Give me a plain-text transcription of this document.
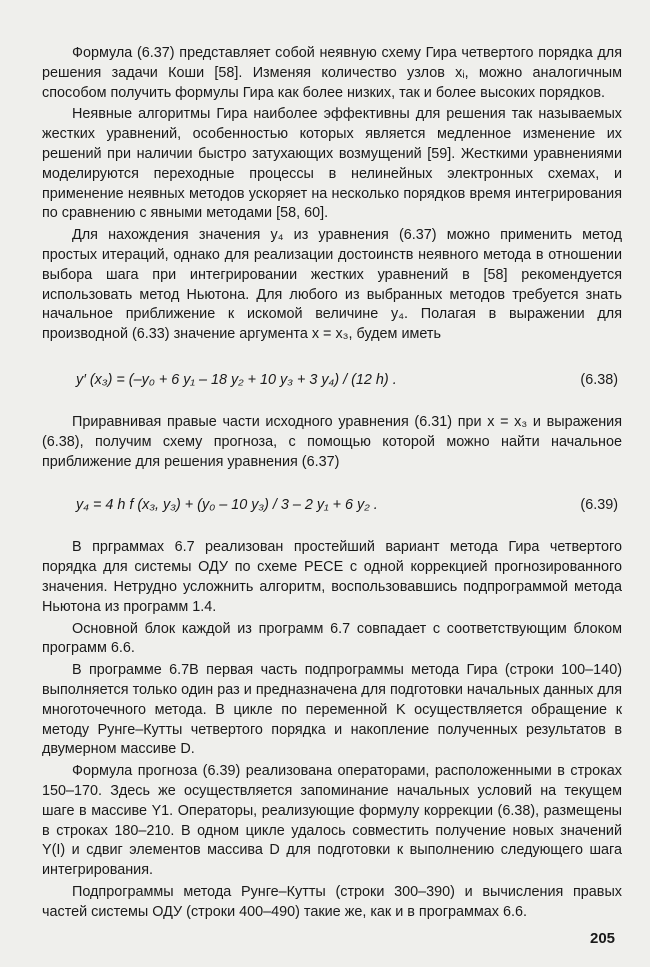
Формула (6.37) представляет собой неявную схему Гира четвертого порядка для решения задачи Коши [58]. Изменяя количество узлов xᵢ, можно аналогичным способом получить формулы Гира как более низких, так и более высоких порядков.

Неявные алгоритмы Гира наиболее эффективны для решения так называемых жестких уравнений, особенностью которых является медленное изменение их решений при наличии быстро затухающих возмущений [59]. Жесткими уравнениями моделируются переходные процессы в нелинейных электронных схемах, и применение неявных методов ускоряет на несколько порядков время интегрирования по сравнению с явными методами [58, 60].

Для нахождения значения y₄ из уравнения (6.37) можно применить метод простых итераций, однако для реализации достоинств неявного метода в отношении выбора шага при интегрировании жестких уравнений в [58] рекомендуется использовать метод Ньютона. Для любого из выбранных методов требуется знать начальное приближение к искомой величине y₄. Полагая в выражении для производной (6.33) значение аргумента x = x₃, будем иметь

y′ (x₃) = (–y₀ + 6 y₁ – 18 y₂ + 10 y₃ + 3 y₄) / (12 h) .	(6.38)

Приравнивая правые части исходного уравнения (6.31) при x = x₃ и выражения (6.38), получим схему прогноза, с помощью которой можно найти начальное приближение для решения уравнения (6.37)

y₄ = 4 h f (x₃, y₃) + (y₀ – 10 y₃) / 3 – 2 y₁ + 6 y₂ .	(6.39)

В прграммах 6.7 реализован простейший вариант метода Гира четвертого порядка для системы ОДУ по схеме PECE с одной коррекцией прогнозированного значения. Нетрудно усложнить алгоритм, воспользовавшись подпрограммой метода Ньютона из программ 1.4.

Основной блок каждой из программ 6.7 совпадает с соответствующим блоком программ 6.6.

В программе 6.7В первая часть подпрограммы метода Гира (строки 100–140) выполняется только один раз и предназначена для подготовки начальных данных для многоточечного метода. В цикле по переменной K осуществляется обращение к методу Рунге–Кутты четвертого порядка и накопление полученных результатов в двумерном массиве D.

Формула прогноза (6.39) реализована операторами, расположенными в строках 150–170. Здесь же осуществляется запоминание начальных условий на текущем шаге в массиве Y1. Операторы, реализующие формулу коррекции (6.38), размещены в строках 180–210. В одном цикле удалось совместить получение новых значений Y(I) и сдвиг элементов массива D для подготовки к выполнению следующего шага интегрирования.

Подпрограммы метода Рунге–Кутты (строки 300–390) и вычисления правых частей системы ОДУ (строки 400–490) такие же, как и в программах 6.6.

205
